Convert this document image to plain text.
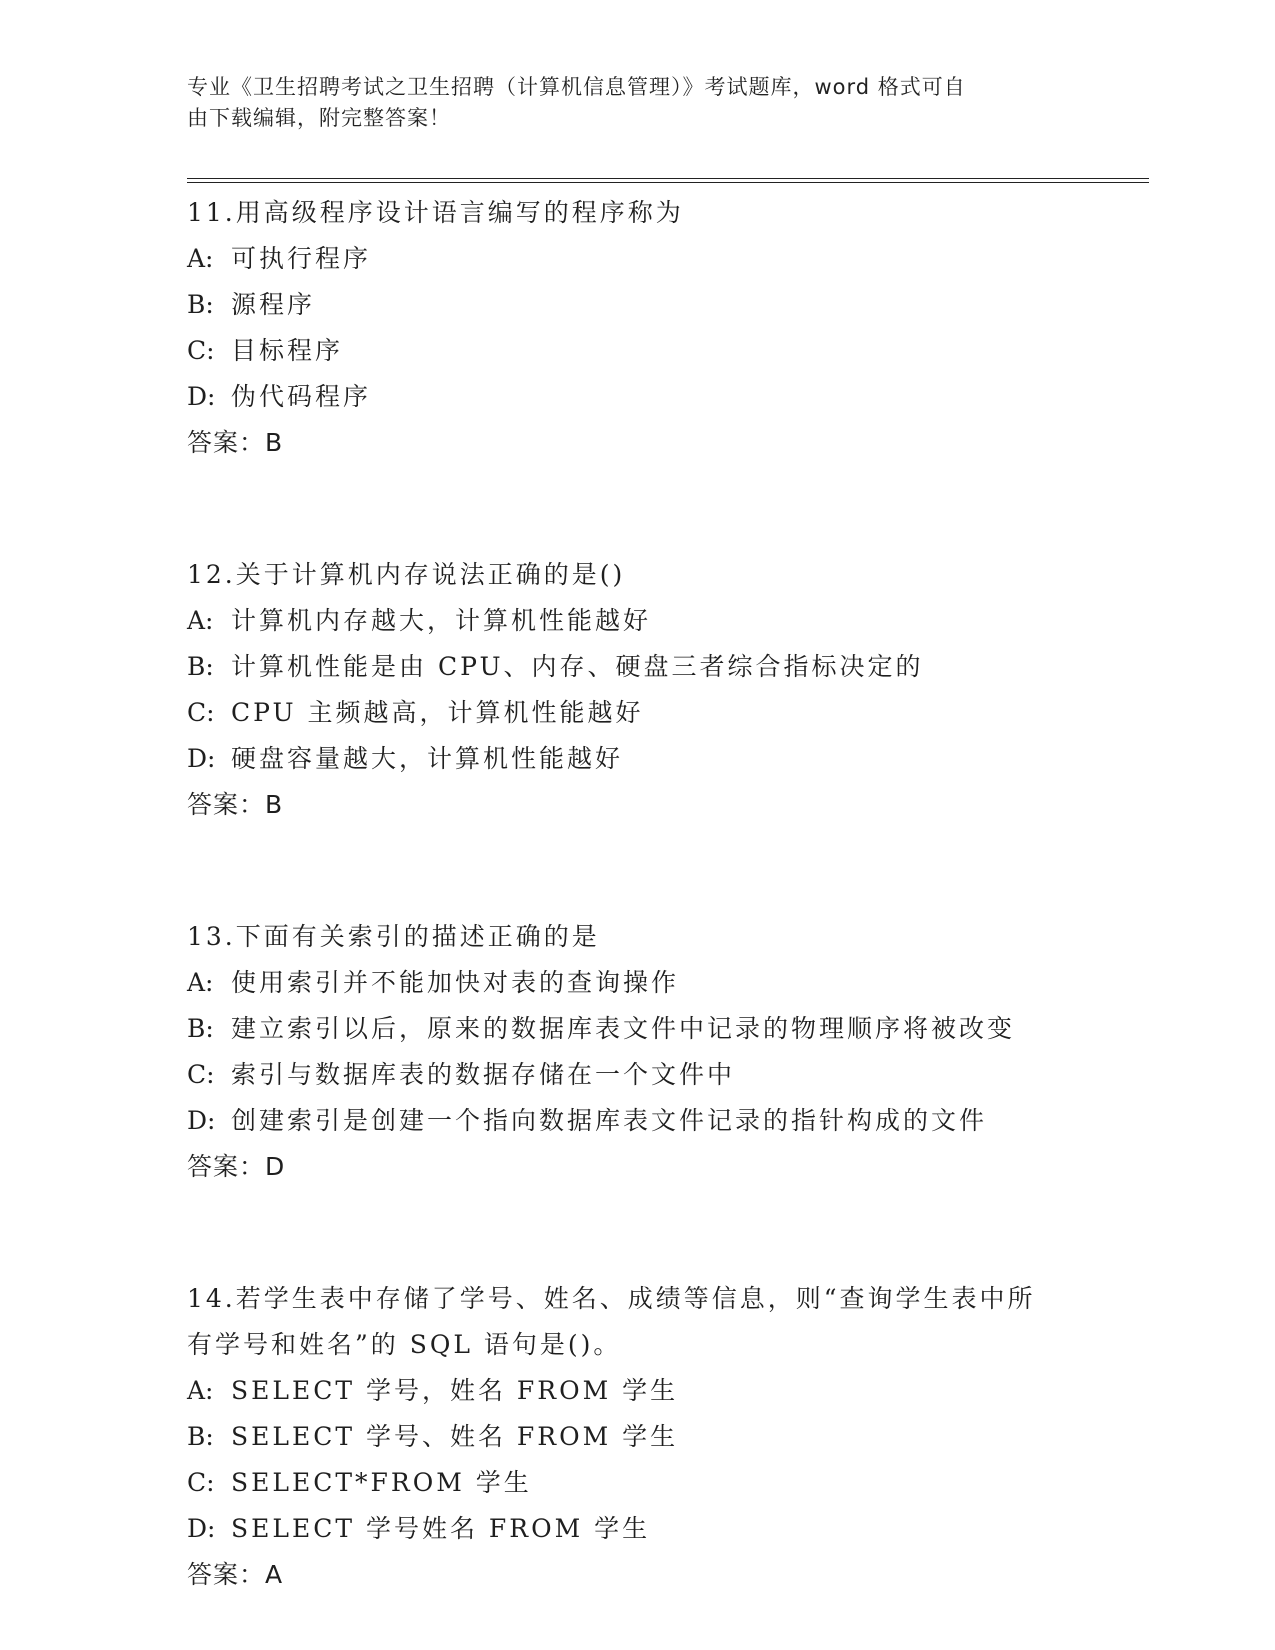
专业《卫生招聘考试之卫生招聘（计算机信息管理）》考试题库，word 格式可自
由下载编辑，附完整答案！
11.用高级程序设计语言编写的程序称为
A: 可执行程序
B: 源程序
C: 目标程序
D: 伪代码程序
答案：B
12.关于计算机内存说法正确的是()
A: 计算机内存越大，计算机性能越好
B: 计算机性能是由 CPU、内存、硬盘三者综合指标决定的
C: CPU 主频越高，计算机性能越好
D: 硬盘容量越大，计算机性能越好
答案：B
13.下面有关索引的描述正确的是
A: 使用索引并不能加快对表的查询操作
B: 建立索引以后，原来的数据库表文件中记录的物理顺序将被改变
C: 索引与数据库表的数据存储在一个文件中
D: 创建索引是创建一个指向数据库表文件记录的指针构成的文件
答案：D
14.若学生表中存储了学号、姓名、成绩等信息，则“查询学生表中所
有学号和姓名”的 SQL 语句是()。
A: SELECT 学号，姓名 FROM 学生
B: SELECT 学号、姓名 FROM 学生
C: SELECT*FROM 学生
D: SELECT 学号姓名 FROM 学生
答案：A
